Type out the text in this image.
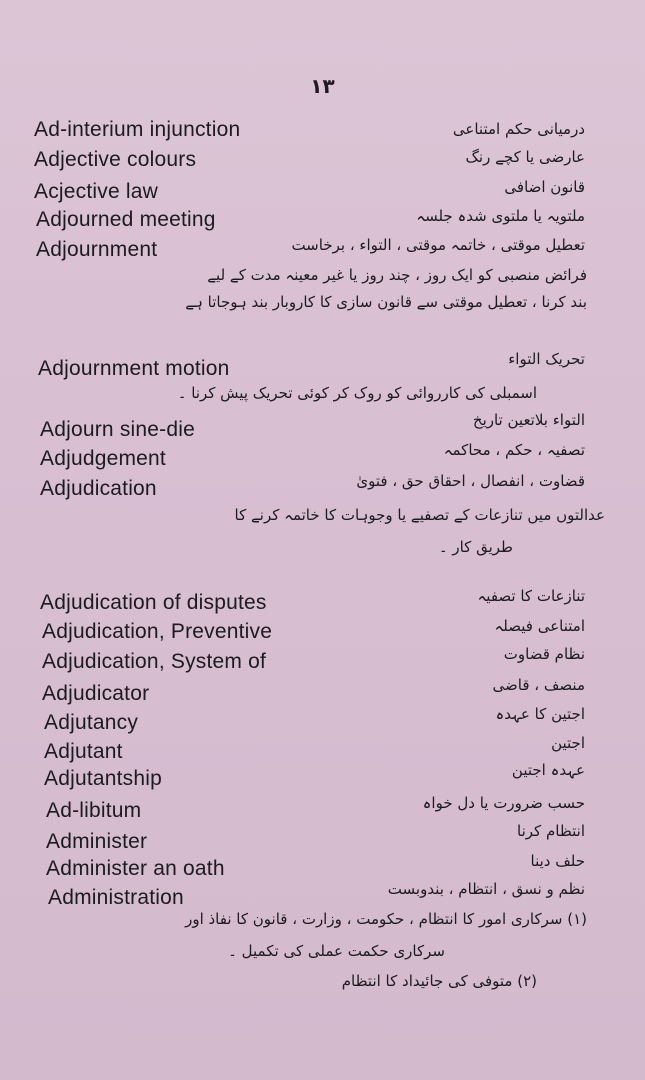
۱۳
Ad-interium injunction
Adjective colours
Acjective law
Adjourned meeting
Adjournment
Adjournment motion
Adjourn sine-die
Adjudgement
Adjudication
Adjudication of disputes
Adjudication, Preventive
Adjudication, System of
Adjudicator
Adjutancy
Adjutant
Adjutantship
Ad-libitum
Administer
Administer an oath
Administration
درمیانی حکم امتناعی
عارضی یا کچے رنگ
قانون اضافی
ملتویہ یا ملتوی شدہ جلسہ
تعطیل موقتی ، خاتمہ موقتی ، التواء ، برخاست
فرائض منصبی کو ایک روز ، چند روز یا غیر معینہ مدت کے لیے
بند کرنا ، تعطیل موقتی سے قانون سازی کا کاروبار بند ہوجاتا ہے
تحریک التواء
اسمبلی کی کارروائی کو روک کر کوئی تحریک پیش کرنا ۔
التواء بلاتعین تاریخ
تصفیہ ، حکم ، محاکمہ
قضاوت ، انفصال ، احقاق حق ، فتویٰ
عدالتوں میں تنازعات کے تصفیے یا وجوہات کا خاتمہ کرنے کا
طریق کار ۔
تنازعات کا تصفیہ
امتناعی فیصلہ
نظام قضاوت
منصف ، قاضی
اجتین کا عہدہ
اجتین
عہدہ اجتین
حسب ضرورت یا دل خواہ
انتظام کرنا
حلف دینا
نظم و نسق ، انتظام ، بندوبست
(۱) سرکاری امور کا انتظام ، حکومت ، وزارت ، قانون کا نفاذ اور
سرکاری حکمت عملی کی تکمیل ۔
(۲) متوفی کی جائیداد کا انتظام
